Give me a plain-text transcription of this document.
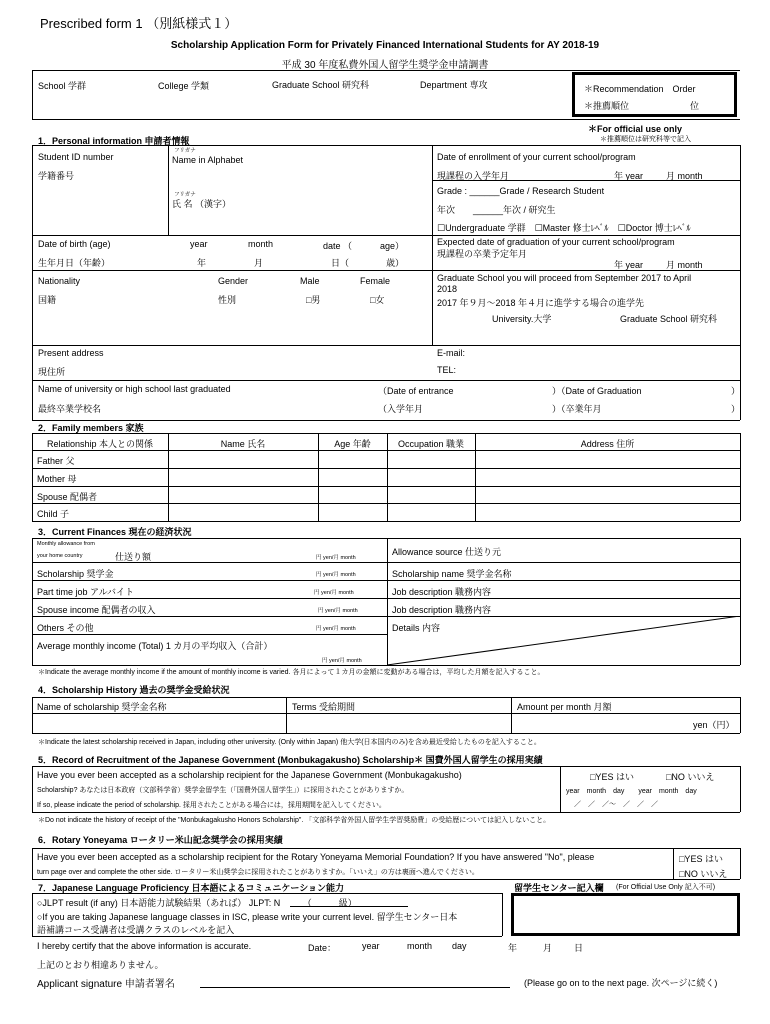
Prescribed form 1 （別紙様式１）
Scholarship Application Form for Privately Financed International Students for AY 2018-19
平成 30 年度私費外国人留学生奨学金申請調書
School 学群	College 学類	Graduate School 研究科	Department 専攻	＊Recommendation　Order
＊推薦順位	位
＊For official use only
＊推薦順位は研究科等で記入
1．Personal information 申請者情報
Student ID number
学籍番号
フリガナ
Name in Alphabet
フリガナ
氏 名 （漢字）
Date of enrollment of your current school/program
現課程の入学年月	年 year	月 month
Grade : ______Grade / Research Student
年次　　______年次 / 研究生
☐Undergraduate 学群　☐Master 修士ﾚﾍﾞﾙ　☐Doctor 博士ﾚﾍﾞﾙ
Date of birth (age)	year	month	date （	age）
生年月日（年齢）	年	月	日（	歳）
Expected date of graduation of your current school/program
現課程の卒業予定年月
年 year	月 month
Nationality
国籍
Gender
性別
Male
□男
Female
□女
Graduate School you will proceed from September 2017 to April
2018
2017 年９月～2018 年４月に進学する場合の進学先
University.大学	Graduate School 研究科
Present address
現住所
E-mail:
TEL:
Name of university or high school last graduated
最終卒業学校名
（Date of entrance
（入学年月
）（Date of Graduation
）（卒業年月
）
）
2．Family members 家族
Relationship 本人との関係	Name 氏名	Age 年齢	Occupation 職業	Address 住所
Father 父
Mother 母
Spouse 配偶者
Child 子
3．Current Finances 現在の経済状況
Monthly allowance from
your home country	仕送り額	円 yen/月 month
Allowance source 仕送り元
Scholarship 奨学金	円 yen/月 month	Scholarship name 奨学金名称
Part time job アルバイト	円 yen/月 month	Job description 職務内容
Spouse income 配偶者の収入	円 yen/月 month	Job description 職務内容
Others その他	円 yen/月 month	Details 内容
Average monthly income (Total) 1 カ月の平均収入（合計）
円 yen/月 month
＊Indicate the average monthly income if the amount of monthly income is varied. 各月によって１カ月の金額に変動がある場合は，平均した月額を記入すること。
4．Scholarship History 過去の奨学金受給状況
Name of scholarship 奨学金名称	Terms 受給期間	Amount per month 月額
yen（円）
＊Indicate the latest scholarship received in Japan, including other university. (Only within Japan) 他大学(日本国内のみ)を含め最近受給したものを記入すること。
5．Record of Recruitment of the Japanese Government (Monbukagakusho) Scholarship＊ 国費外国人留学生の採用実績
Have you ever been accepted as a scholarship recipient for the Japanese Government (Monbukagakusho)
Scholarship? あなたは日本政府（文部科学省）奨学金留学生（「国費外国人留学生」）に採用されたことがありますか。
If so, please indicate the period of scholarship. 採用されたことがある場合には，採用期間を記入してください。
□YES はい	□NO いいえ
year　month　day　　year　month　day
／　／　／～　／　／　／
＊Do not indicate the history of receipt of the "Monbukagakusho Honors Scholarship". 「文部科学省外国人留学生学習奨励費」の受給歴については記入しないこと。
6．Rotary Yoneyama ロータリー米山記念奨学会の採用実績
Have you ever been accepted as a scholarship recipient for the Rotary Yoneyama Memorial Foundation? If you have answered "No", please
turn page over and complete the other side. ロータリー米山奨学会に採用されたことがありますか。「いいえ」の方は裏面へ進んでください。
□YES はい
□NO いいえ
7．Japanese Language Proficiency 日本語によるコミュニケーション能力	留学生センター記入欄 (For Official Use Only 記入不可)
○JLPT result (if any) 日本語能力試験結果（あれば） JLPT: N　　　（　　　級）
○If you are taking Japanese language classes in ISC, please write your current level. 留学生センター日本
語補講コース受講者は受講クラスのレベルを記入
I hereby certify that the above information is accurate.	Date：	year	month day	年	月 日
上記のとおり相違ありません。
Applicant signature 申請者署名	(Please go on to the next page. 次ページに続く)
